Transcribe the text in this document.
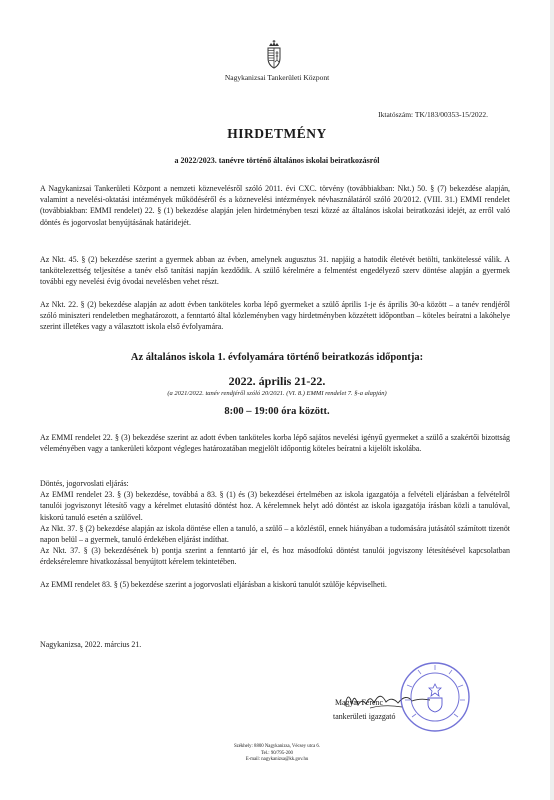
Nagykanizsai Tankerületi Központ
Iktatószám: TK/183/00353-15/2022.
HIRDETMÉNY
a 2022/2023. tanévre történő általános iskolai beiratkozásról

A Nagykanizsai Tankerületi Központ a nemzeti köznevelésről szóló 2011. évi CXC. törvény (továbbiakban: Nkt.) 50. § (7) bekezdése alapján, valamint a nevelési-oktatási intézmények működéséről és a köznevelési intézmények névhasználatáról szóló 20/2012. (VIII. 31.) EMMI rendelet (továbbiakban: EMMI rendelet) 22. § (1) bekezdése alapján jelen hirdetményben teszi közzé az általános iskolai beiratkozási idejét, az erről való döntés és jogorvoslat benyújtásának határidejét.

Az Nkt. 45. § (2) bekezdése szerint a gyermek abban az évben, amelynek augusztus 31. napjáig a hatodik életévét betölti, tankötelessé válik. A tankötelezettség teljesítése a tanév első tanítási napján kezdődik. A szülő kérelmére a felmentést engedélyező szerv döntése alapján a gyermek további egy nevelési évig óvodai nevelésben vehet részt.

Az Nkt. 22. § (2) bekezdése alapján az adott évben tanköteles korba lépő gyermeket a szülő április 1-je és április 30-a között – a tanév rendjéről szóló miniszteri rendeletben meghatározott, a fenntartó által közleményben vagy hirdetményben közzétett időpontban – köteles beíratni a lakóhelye szerint illetékes vagy a választott iskola első évfolyamára.

Az általános iskola 1. évfolyamára történő beiratkozás időpontja:
2022. április 21-22.
(a 2021/2022. tanév rendjéről szóló 20/2021. (VI. 8.) EMMI rendelet 7. §-a alapján)
8:00 – 19:00 óra között.

Az EMMI rendelet 22. § (3) bekezdése szerint az adott évben tanköteles korba lépő sajátos nevelési igényű gyermeket a szülő a szakértői bizottság véleményében vagy a tankerületi központ végleges határozatában megjelölt időpontig köteles beíratni a kijelölt iskolába.

Döntés, jogorvoslati eljárás:
Az EMMI rendelet 23. § (3) bekezdése, továbbá a 83. § (1) és (3) bekezdései értelmében az iskola igazgatója a felvételi eljárásban a felvételről tanulói jogviszonyt létesítő vagy a kérelmet elutasító döntést hoz. A kérelemnek helyt adó döntést az iskola igazgatója írásban közli a tanulóval, kiskorú tanuló esetén a szülővel.
Az Nkt. 37. § (2) bekezdése alapján az iskola döntése ellen a tanuló, a szülő – a közléstől, ennek hiányában a tudomására jutásától számított tizenöt napon belül – a gyermek, tanuló érdekében eljárást indíthat.
Az Nkt. 37. § (3) bekezdésének b) pontja szerint a fenntartó jár el, és hoz másodfokú döntést tanulói jogviszony létesítésével kapcsolatban érdeksérelemre hivatkozással benyújtott kérelem tekintetében.

Az EMMI rendelet 83. § (5) bekezdése szerint a jogorvoslati eljárásban a kiskorú tanulót szülője képviselheti.

Nagykanizsa, 2022. március 21.
Magyar Ferenc
tankerületi igazgató
Székhely: 8800 Nagykanizsa, Vécsey utca 6.
Tel.: 90/795-200
E-mail: nagykanizsa@kk.gov.hu
